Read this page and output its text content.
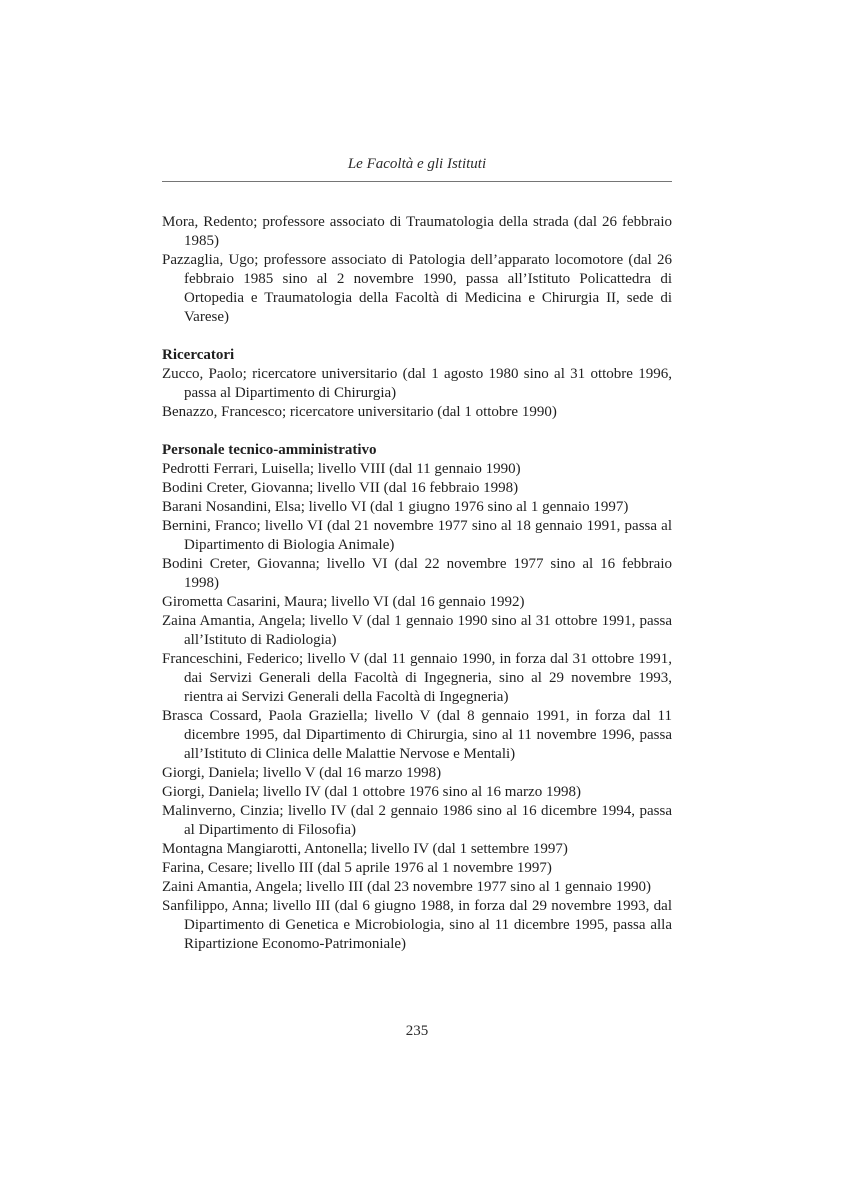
Le Facoltà e gli Istituti

Mora, Redento; professore associato di Traumatologia della strada (dal 26 febbraio 1985)

Pazzaglia, Ugo; professore associato di Patologia dell’apparato locomotore (dal 26 febbraio 1985 sino al 2 novembre 1990, passa all’Istituto Policattedra di Ortopedia e Traumatologia della Facoltà di Medicina e Chirurgia II, sede di Varese)

Ricercatori

Zucco, Paolo; ricercatore universitario (dal 1 agosto 1980 sino al 31 ottobre 1996, passa al Dipartimento di Chirurgia)

Benazzo, Francesco; ricercatore universitario (dal 1 ottobre 1990)

Personale tecnico-amministrativo

Pedrotti Ferrari, Luisella; livello VIII (dal 11 gennaio 1990)

Bodini Creter, Giovanna; livello VII (dal 16 febbraio 1998)

Barani Nosandini, Elsa; livello VI (dal 1 giugno 1976 sino al 1 gennaio 1997)

Bernini, Franco; livello VI (dal 21 novembre 1977 sino al 18 gennaio 1991, passa al Dipartimento di Biologia Animale)

Bodini Creter, Giovanna; livello VI (dal 22 novembre 1977 sino al 16 febbraio 1998)

Girometta Casarini, Maura; livello VI (dal 16 gennaio 1992)

Zaina Amantia, Angela; livello V (dal 1 gennaio 1990 sino al 31 ottobre 1991, passa all’Istituto di Radiologia)

Franceschini, Federico; livello V (dal 11 gennaio 1990, in forza dal 31 ottobre 1991, dai Servizi Generali della Facoltà di Ingegneria, sino al 29 novembre 1993, rientra ai Servizi Generali della Facoltà di Ingegneria)

Brasca Cossard, Paola Graziella; livello V (dal 8 gennaio 1991, in forza dal 11 dicembre 1995, dal Dipartimento di Chirurgia, sino al 11 novembre 1996, passa all’Istituto di Clinica delle Malattie Nervose e Mentali)

Giorgi, Daniela; livello V (dal 16 marzo 1998)

Giorgi, Daniela; livello IV (dal 1 ottobre 1976 sino al 16 marzo 1998)

Malinverno, Cinzia; livello IV (dal 2 gennaio 1986 sino al 16 dicembre 1994, passa al Dipartimento di Filosofia)

Montagna Mangiarotti, Antonella; livello IV (dal 1 settembre 1997)

Farina, Cesare; livello III (dal 5 aprile 1976 al 1 novembre 1997)

Zaini Amantia, Angela; livello III (dal 23 novembre 1977 sino al 1 gennaio 1990)

Sanfilippo, Anna; livello III (dal 6 giugno 1988, in forza dal 29 novembre 1993, dal Dipartimento di Genetica e Microbiologia, sino al 11 dicembre 1995, passa alla Ripartizione Economo-Patrimoniale)

235
